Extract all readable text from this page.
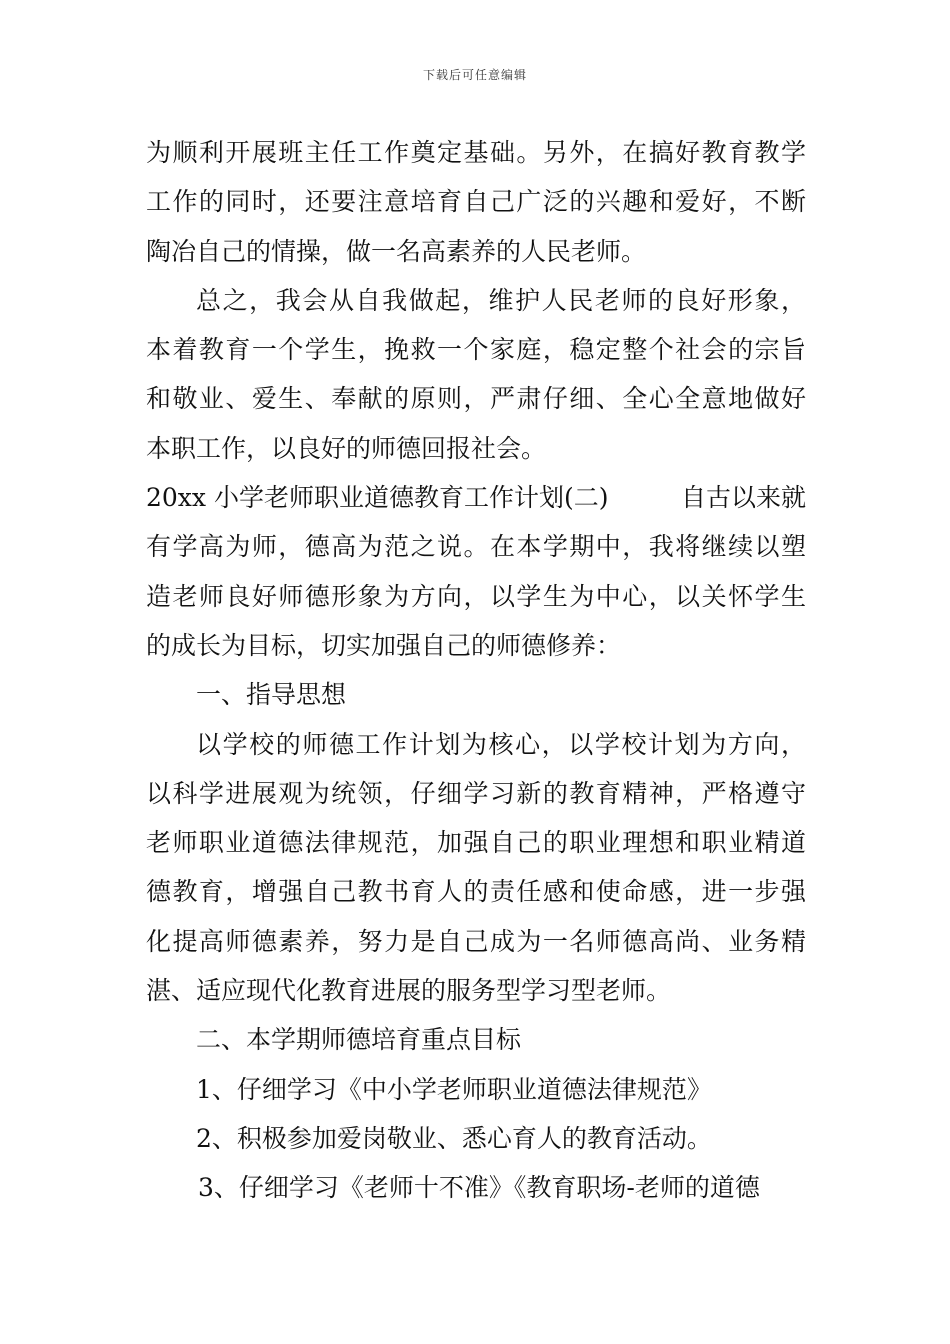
下载后可任意编辑
为顺利开展班主任工作奠定基础。另外，在搞好教育教学
工作的同时，还要注意培育自己广泛的兴趣和爱好，不断
陶冶自己的情操，做一名高素养的人民老师。
总之，我会从自我做起，维护人民老师的良好形象，
本着教育一个学生，挽救一个家庭，稳定整个社会的宗旨
和敬业、爱生、奉献的原则，严肃仔细、全心全意地做好
本职工作，以良好的师德回报社会。
20xx 小学老师职业道德教育工作计划(二)	自古以来就
有学高为师，德高为范之说。在本学期中，我将继续以塑
造老师良好师德形象为方向，以学生为中心，以关怀学生
的成长为目标，切实加强自己的师德修养：
一、指导思想
以学校的师德工作计划为核心，以学校计划为方向，
以科学进展观为统领，仔细学习新的教育精神，严格遵守
老师职业道德法律规范，加强自己的职业理想和职业精道
德教育，增强自己教书育人的责任感和使命感，进一步强
化提高师德素养，努力是自己成为一名师德高尚、业务精
湛、适应现代化教育进展的服务型学习型老师。
二、本学期师德培育重点目标
1、仔细学习《中小学老师职业道德法律规范》
2、积极参加爱岗敬业、悉心育人的教育活动。
3、仔细学习《老师十不准》《教育职场-老师的道德
